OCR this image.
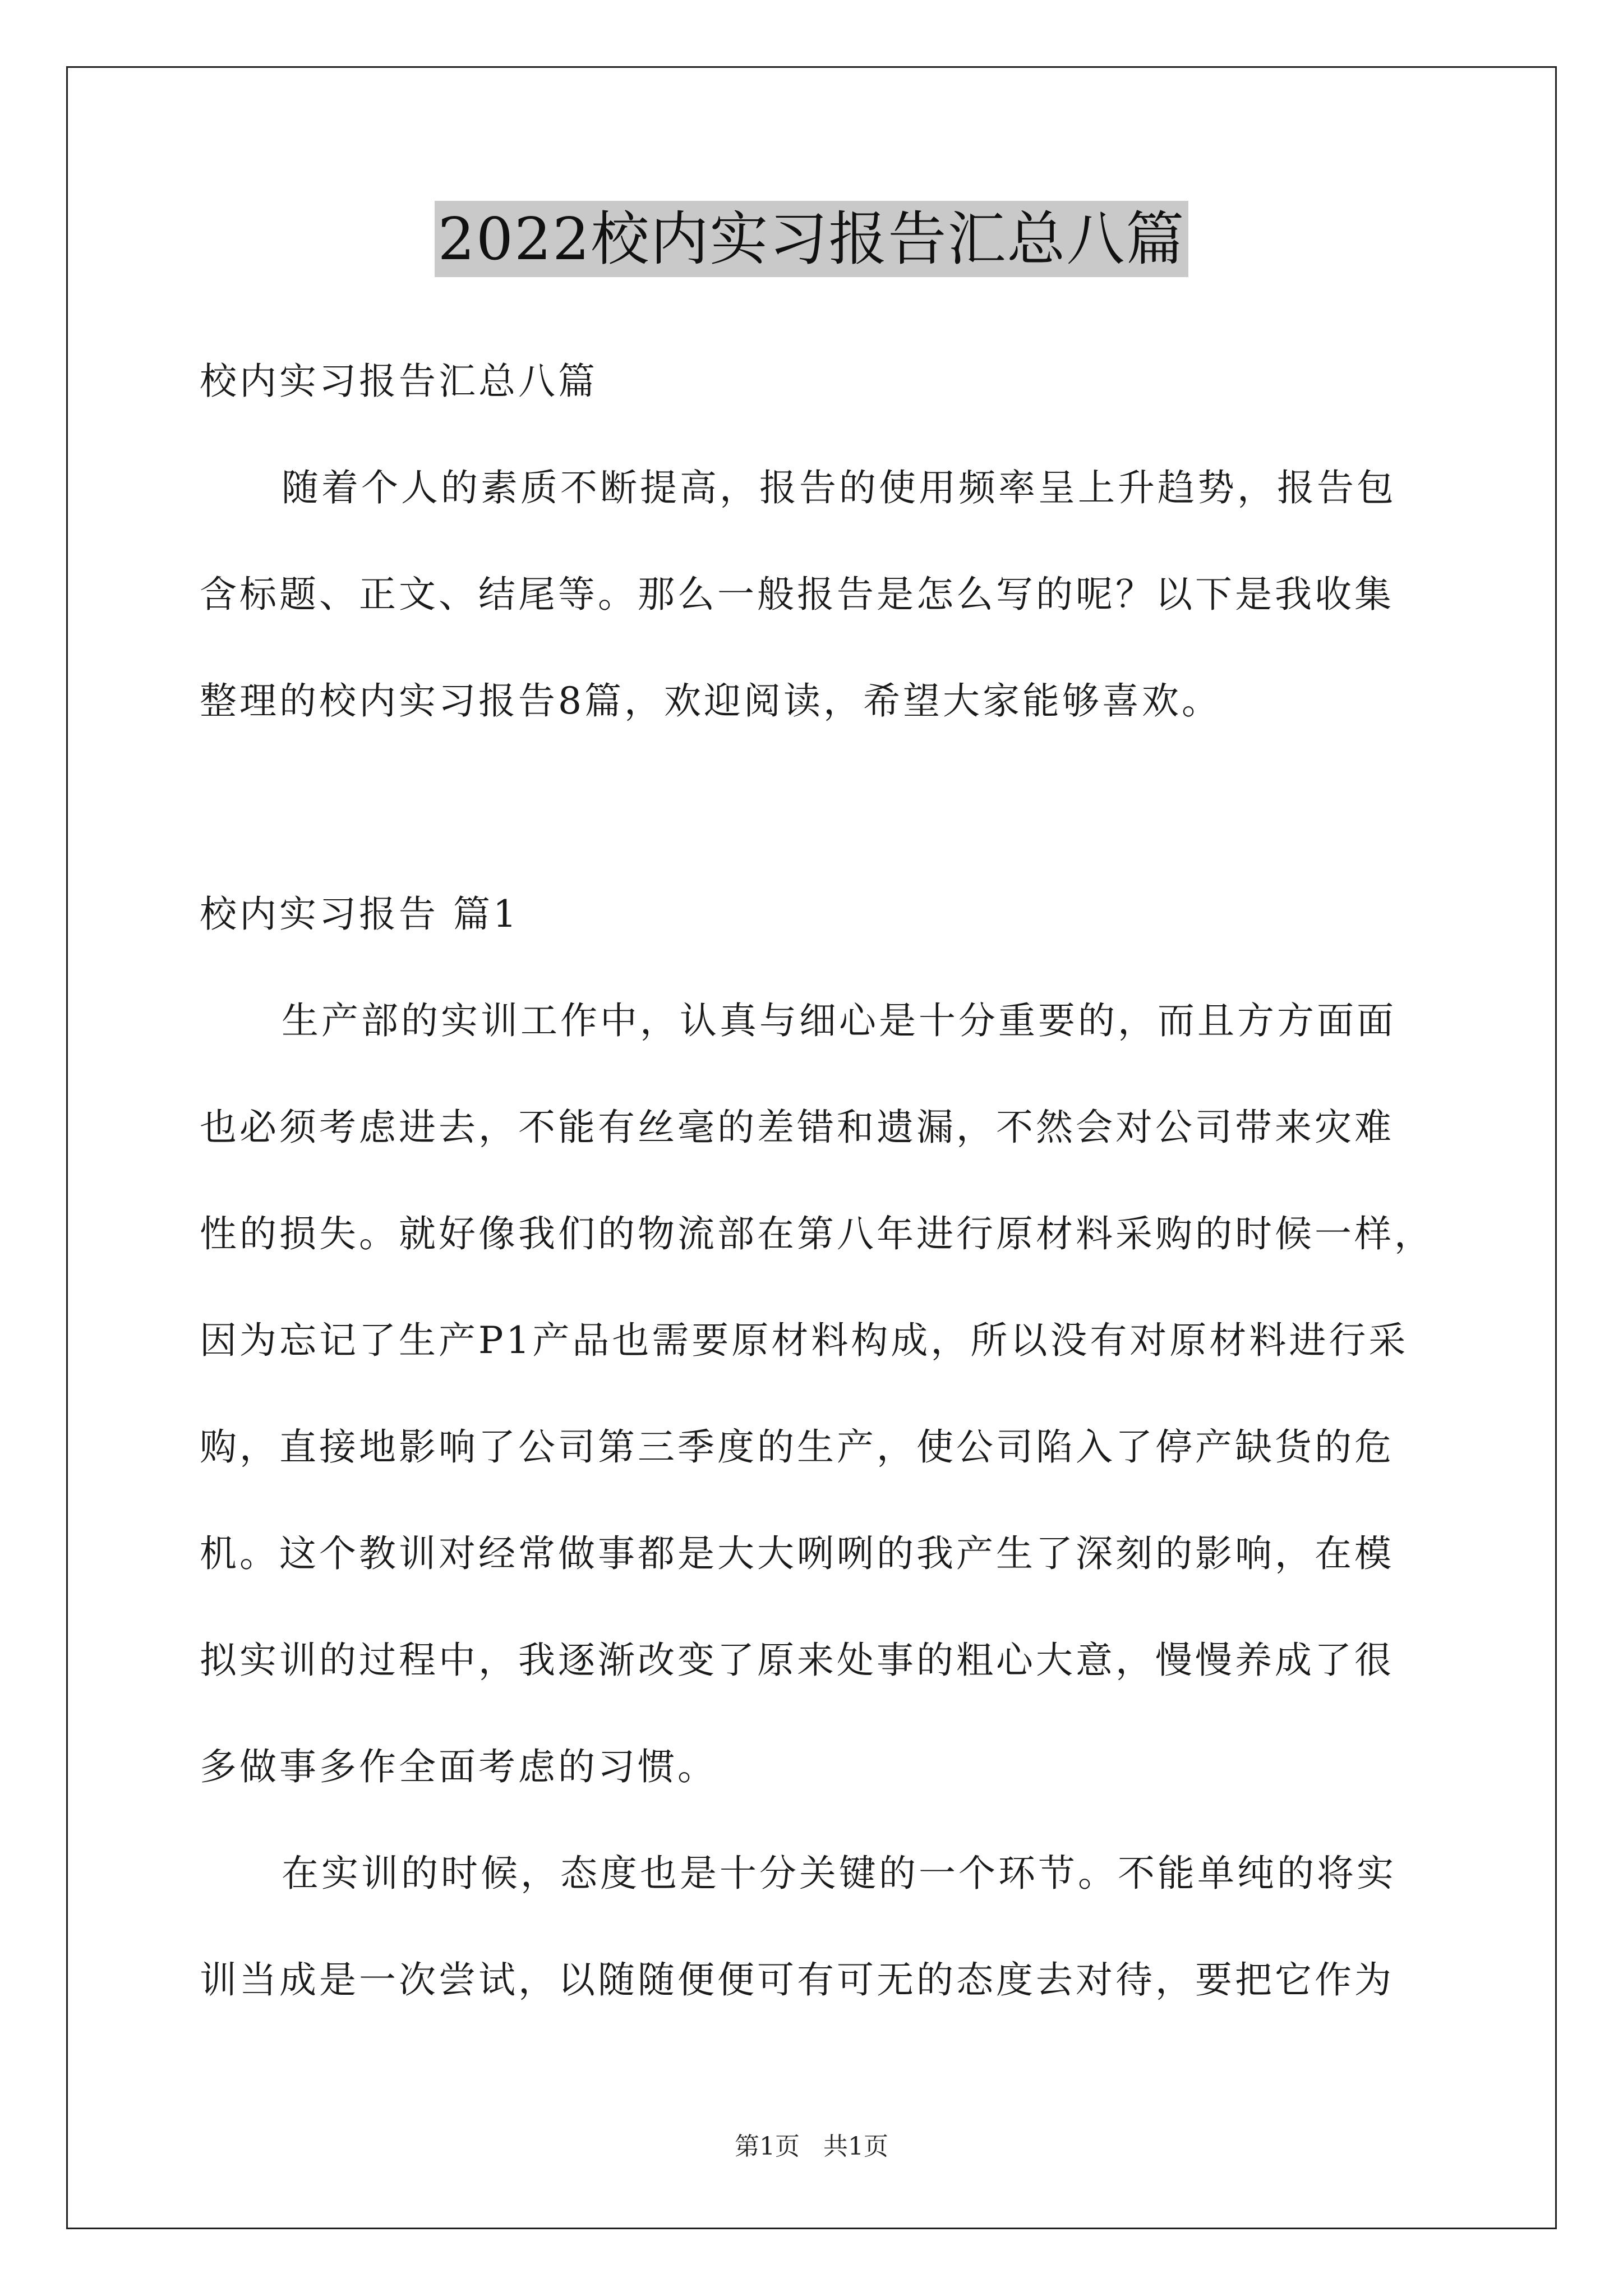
2022校内实习报告汇总八篇
校内实习报告汇总八篇
随着个人的素质不断提高，报告的使用频率呈上升趋势，报告包
含标题、正文、结尾等。那么一般报告是怎么写的呢？以下是我收集
整理的校内实习报告8篇，欢迎阅读，希望大家能够喜欢。
校内实习报告 篇1
生产部的实训工作中，认真与细心是十分重要的，而且方方面面
也必须考虑进去，不能有丝毫的差错和遗漏，不然会对公司带来灾难
性的损失。就好像我们的物流部在第八年进行原材料采购的时候一样，
因为忘记了生产P1产品也需要原材料构成，所以没有对原材料进行采
购，直接地影响了公司第三季度的生产，使公司陷入了停产缺货的危
机。这个教训对经常做事都是大大咧咧的我产生了深刻的影响，在模
拟实训的过程中，我逐渐改变了原来处事的粗心大意，慢慢养成了很
多做事多作全面考虑的习惯。
在实训的时候，态度也是十分关键的一个环节。不能单纯的将实
训当成是一次尝试，以随随便便可有可无的态度去对待，要把它作为
第1页 共1页
